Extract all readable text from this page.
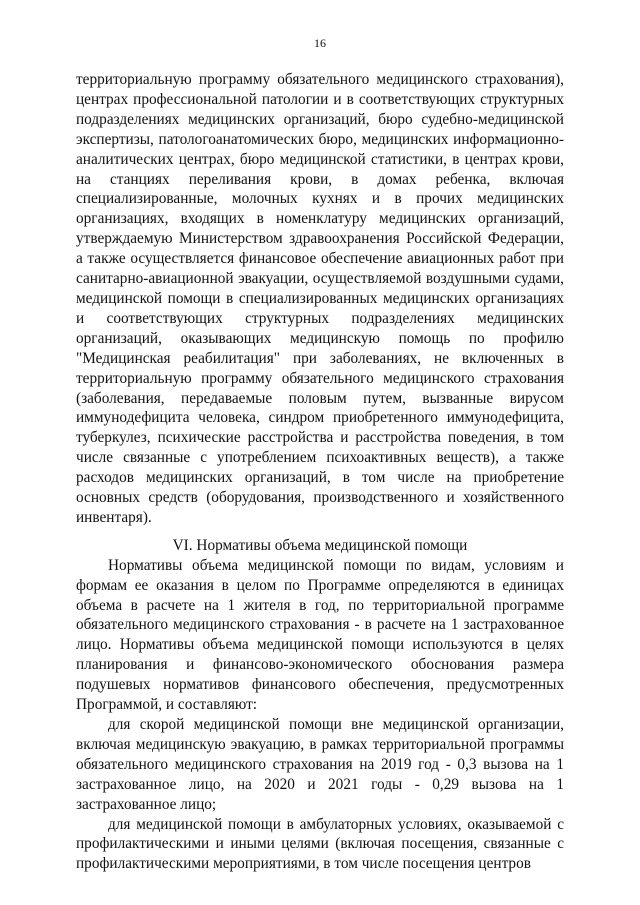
16

территориальную программу обязательного медицинского страхования), центрах профессиональной патологии и в соответствующих структурных подразделениях медицинских организаций, бюро судебно-медицинской экспертизы, патологоанатомических бюро, медицинских информационно-аналитических центрах, бюро медицинской статистики, в центрах крови, на станциях переливания крови, в домах ребенка, включая специализированные, молочных кухнях и в прочих медицинских организациях, входящих в номенклатуру медицинских организаций, утверждаемую Министерством здравоохранения Российской Федерации, а также осуществляется финансовое обеспечение авиационных работ при санитарно-авиационной эвакуации, осуществляемой воздушными судами, медицинской помощи в специализированных медицинских организациях и соответствующих структурных подразделениях медицинских организаций, оказывающих медицинскую помощь по профилю "Медицинская реабилитация" при заболеваниях, не включенных в территориальную программу обязательного медицинского страхования (заболевания, передаваемые половым путем, вызванные вирусом иммунодефицита человека, синдром приобретенного иммунодефицита, туберкулез, психические расстройства и расстройства поведения, в том числе связанные с употреблением психоактивных веществ), а также расходов медицинских организаций, в том числе на приобретение основных средств (оборудования, производственного и хозяйственного инвентаря).

VI. Нормативы объема медицинской помощи

Нормативы объема медицинской помощи по видам, условиям и формам ее оказания в целом по Программе определяются в единицах объема в расчете на 1 жителя в год, по территориальной программе обязательного медицинского страхования - в расчете на 1 застрахованное лицо. Нормативы объема медицинской помощи используются в целях планирования и финансово-экономического обоснования размера подушевых нормативов финансового обеспечения, предусмотренных Программой, и составляют:

для скорой медицинской помощи вне медицинской организации, включая медицинскую эвакуацию, в рамках территориальной программы обязательного медицинского страхования на 2019 год - 0,3 вызова на 1 застрахованное лицо, на 2020 и 2021 годы - 0,29 вызова на 1 застрахованное лицо;

для медицинской помощи в амбулаторных условиях, оказываемой с профилактическими и иными целями (включая посещения, связанные с профилактическими мероприятиями, в том числе посещения центров
